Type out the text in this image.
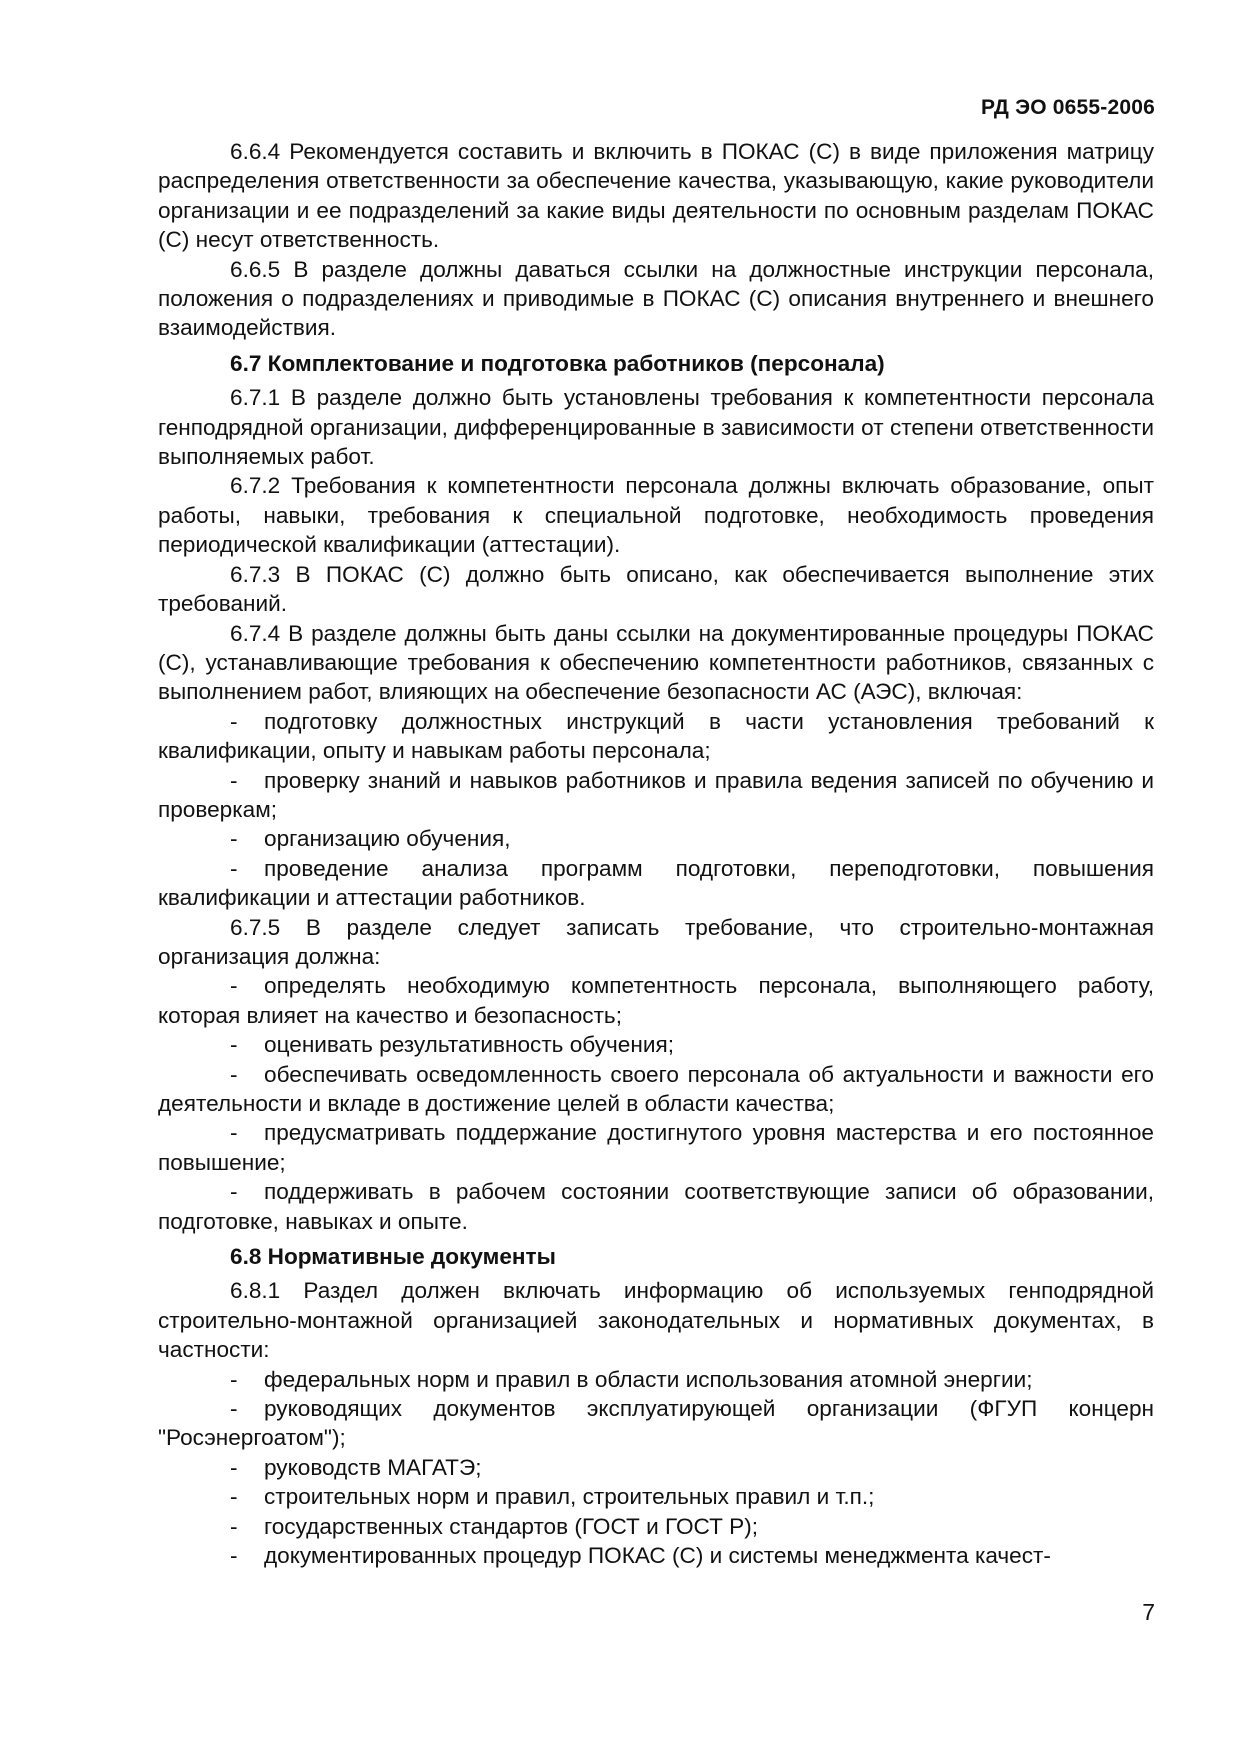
РД ЭО 0655-2006

6.6.4 Рекомендуется составить и включить в ПОКАС (С) в виде приложения матрицу распределения ответственности за обеспечение качества, указывающую, какие руководители организации и ее подразделений за какие виды деятельности по основным разделам ПОКАС (С) несут ответственность.

6.6.5 В разделе должны даваться ссылки на должностные инструкции персонала, положения о подразделениях и приводимые в ПОКАС (С) описания внутреннего и внешнего взаимодействия.

6.7 Комплектование и подготовка работников (персонала)

6.7.1 В разделе должно быть установлены требования к компетентности персонала генподрядной организации, дифференцированные в зависимости от степени ответственности выполняемых работ.

6.7.2 Требования к компетентности персонала должны включать образование, опыт работы, навыки, требования к специальной подготовке, необходимость проведения периодической квалификации (аттестации).

6.7.3 В ПОКАС (С) должно быть описано, как обеспечивается выполнение этих требований.

6.7.4 В разделе должны быть даны ссылки на документированные процедуры ПОКАС (С), устанавливающие требования к обеспечению компетентности работников, связанных с выполнением работ, влияющих на обеспечение безопасности АС (АЭС), включая:

- подготовку должностных инструкций в части установления требований к квалификации, опыту и навыкам работы персонала;

- проверку знаний и навыков работников и правила ведения записей по обучению и проверкам;

- организацию обучения,

- проведение анализа программ подготовки, переподготовки, повышения квалификации и аттестации работников.

6.7.5 В разделе следует записать требование, что строительно-монтажная организация должна:

- определять необходимую компетентность персонала, выполняющего работу, которая влияет на качество и безопасность;

- оценивать результативность обучения;

- обеспечивать осведомленность своего персонала об актуальности и важности его деятельности и вкладе в достижение целей в области качества;

- предусматривать поддержание достигнутого уровня мастерства и его постоянное повышение;

- поддерживать в рабочем состоянии соответствующие записи об образовании, подготовке, навыках и опыте.

6.8 Нормативные документы

6.8.1 Раздел должен включать информацию об используемых генподрядной строительно-монтажной организацией законодательных и нормативных документах, в частности:

- федеральных норм и правил в области использования атомной энергии;

- руководящих документов эксплуатирующей организации (ФГУП концерн "Росэнергоатом");

- руководств МАГАТЭ;

- строительных норм и правил, строительных правил и т.п.;

- государственных стандартов (ГОСТ и ГОСТ Р);

- документированных процедур ПОКАС (С) и системы менеджмента качест-

7
